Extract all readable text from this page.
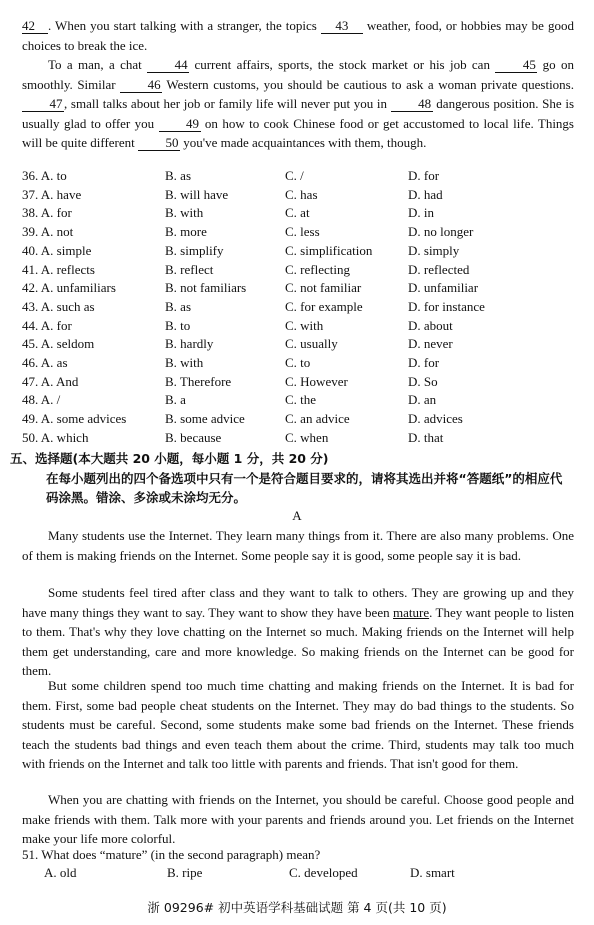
42 . When you start talking with a stranger, the topics 43 weather, food, or hobbies may be good choices to break the ice.
To a man, a chat 44 current affairs, sports, the stock market or his job can 45 go on smoothly. Similar 46 Western customs, you should be cautious to ask a woman private questions. 47 , small talks about her job or family life will never put you in 48 dangerous position. She is usually glad to offer you 49 on how to cook Chinese food or get accustomed to local life. Things will be quite different 50 you've made acquaintances with them, though.
36. A. to	B. as	C. /	D. for
37. A. have	B. will have	C. has	D. had
38. A. for	B. with	C. at	D. in
39. A. not	B. more	C. less	D. no longer
40. A. simple	B. simplify	C. simplification	D. simply
41. A. reflects	B. reflect	C. reflecting	D. reflected
42. A. unfamiliars	B. not familiars	C. not familiar	D. unfamiliar
43. A. such as	B. as	C. for example	D. for instance
44. A. for	B. to	C. with	D. about
45. A. seldom	B. hardly	C. usually	D. never
46. A. as	B. with	C. to	D. for
47. A. And	B. Therefore	C. However	D. So
48. A. /	B. a	C. the	D. an
49. A. some advices	B. some advice	C. an advice	D. advices
50. A. which	B. because	C. when	D. that
五、选择题(本大题共 20 小题，每小题 1 分，共 20 分)
在每小题列出的四个备选项中只有一个是符合题目要求的，请将其选出并将“答题纸”的相应代码涂黑。错涂、多涂或未涂均无分。
A
Many students use the Internet. They learn many things from it. There are also many problems. One of them is making friends on the Internet. Some people say it is good, some people say it is bad.
Some students feel tired after class and they want to talk to others. They are growing up and they have many things they want to say. They want to show they have been mature. They want people to listen to them. That's why they love chatting on the Internet so much. Making friends on the Internet will help them get understanding, care and more knowledge. So making friends on the Internet can be good for them.
But some children spend too much time chatting and making friends on the Internet. It is bad for them. First, some bad people cheat students on the Internet. They may do bad things to the students. So students must be careful. Second, some students make some bad friends on the Internet. These friends teach the students bad things and even teach them about the crime. Third, students may talk too much with friends on the Internet and talk too little with parents and friends. That isn't good for them.
When you are chatting with friends on the Internet, you should be careful. Choose good people and make friends with them. Talk more with your parents and friends around you. Let friends on the Internet make your life more colorful.
51. What does “mature” (in the second paragraph) mean?
A. old	B. ripe	C. developed	D. smart
浙 09296# 初中英语学科基础试题 第 4 页(共 10 页)
